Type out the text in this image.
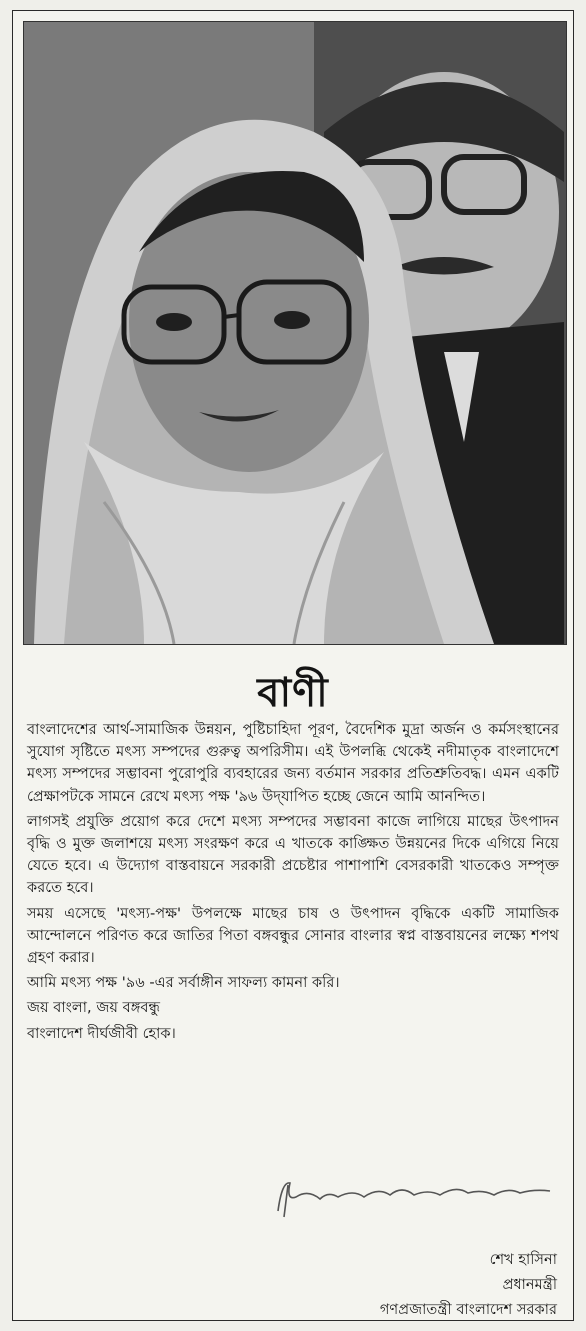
বাণী

বাংলাদেশের আর্থ-সামাজিক উন্নয়ন, পুষ্টিচাহিদা পূরণ, বৈদেশিক মুদ্রা অর্জন ও কর্মসংস্থানের সুযোগ সৃষ্টিতে মৎস্য সম্পদের গুরুত্ব অপরিসীম। এই উপলব্ধি থেকেই নদীমাতৃক বাংলাদেশে মৎস্য সম্পদের সম্ভাবনা পুরোপুরি ব্যবহারের জন্য বর্তমান সরকার প্রতিশ্রুতিবদ্ধ। এমন একটি প্রেক্ষাপটকে সামনে রেখে মৎস্য পক্ষ '৯৬ উদ্‌যাপিত হচ্ছে জেনে আমি আনন্দিত।

লাগসই প্রযুক্তি প্রয়োগ করে দেশে মৎস্য সম্পদের সম্ভাবনা কাজে লাগিয়ে মাছের উৎপাদন বৃদ্ধি ও মুক্ত জলাশয়ে মৎস্য সংরক্ষণ করে এ খাতকে কাঙ্ক্ষিত উন্নয়নের দিকে এগিয়ে নিয়ে যেতে হবে। এ উদ্যোগ বাস্তবায়নে সরকারী প্রচেষ্টার পাশাপাশি বেসরকারী খাতকেও সম্পৃক্ত করতে হবে।

সময় এসেছে 'মৎস্য-পক্ষ' উপলক্ষে মাছের চাষ ও উৎপাদন বৃদ্ধিকে একটি সামাজিক আন্দোলনে পরিণত করে জাতির পিতা বঙ্গবন্ধুর সোনার বাংলার স্বপ্ন বাস্তবায়নের লক্ষ্যে শপথ গ্রহণ করার।

আমি মৎস্য পক্ষ '৯৬ -এর সর্বাঙ্গীন সাফল্য কামনা করি।

জয় বাংলা, জয় বঙ্গবন্ধু

বাংলাদেশ দীর্ঘজীবী হোক।

শেখ হাসিনা
প্রধানমন্ত্রী
গণপ্রজাতন্ত্রী বাংলাদেশ সরকার
